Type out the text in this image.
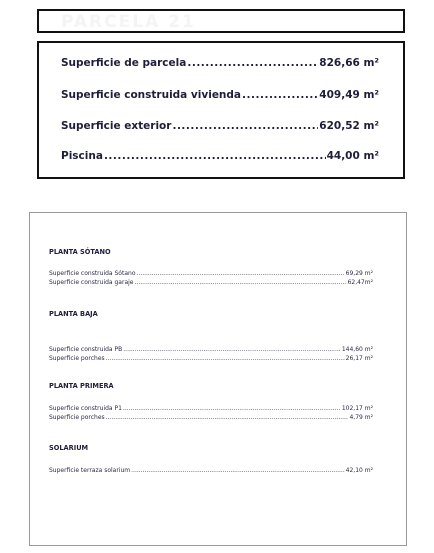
PARCELA 21
Superficie de parcela .....	826,66 m²
Superficie construida vivienda .....	409,49 m²
Superficie exterior .....	620,52 m²
Piscina .....	44,00 m²
PLANTA SÓTANO
Superficie construida Sótano .....	69,29 m²
Superficie construida garaje .....	62,47m²
PLANTA BAJA
Superficie construida PB .....	144,60 m²
Superficie porches .....	26,17 m²
PLANTA PRIMERA
Superficie construida P1 .....	102,17 m²
Superficie porches .....	4,79 m²
SOLARIUM
Superficie terraza solarium .....	42,10 m²
